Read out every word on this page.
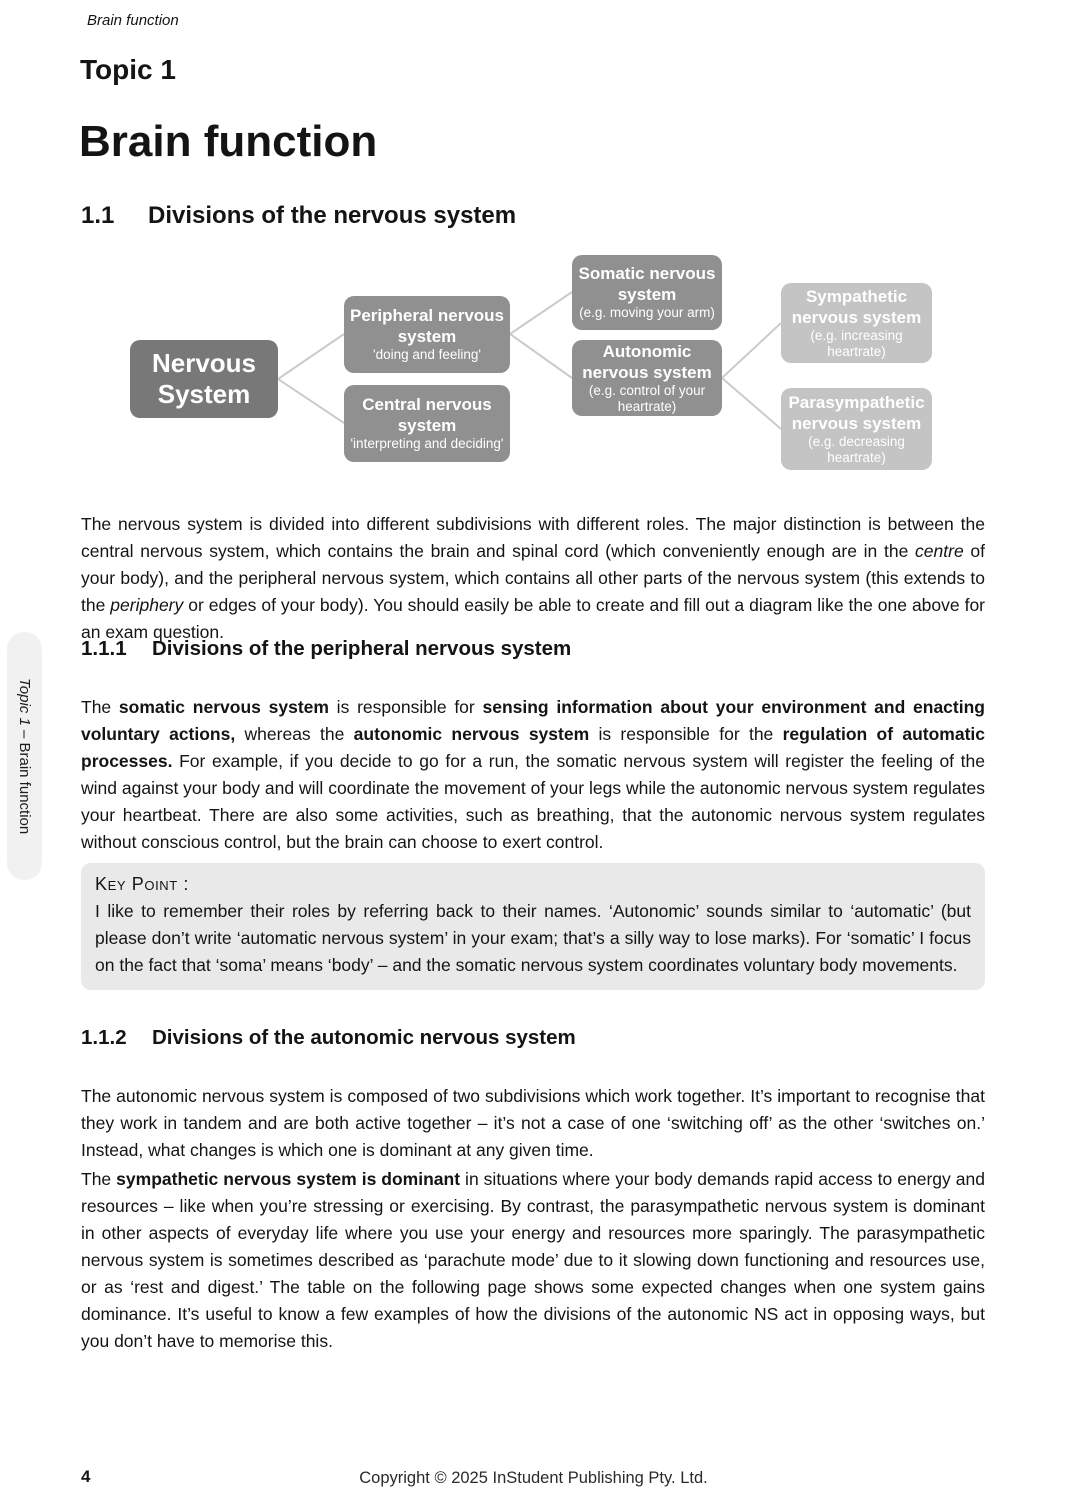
Brain function
Topic 1
Brain function
1.1 Divisions of the nervous system
Nervous System
Peripheral nervous system
'doing and feeling'
Central nervous system
'interpreting and deciding'
Somatic nervous system
(e.g. moving your arm)
Autonomic nervous system
(e.g. control of your heartrate)
Sympathetic nervous system
(e.g. increasing heartrate)
Parasympathetic nervous system
(e.g. decreasing heartrate)

The nervous system is divided into different subdivisions with different roles. The major distinction is between the central nervous system, which contains the brain and spinal cord (which conveniently enough are in the centre of your body), and the peripheral nervous system, which contains all other parts of the nervous system (this extends to the periphery or edges of your body). You should easily be able to create and fill out a diagram like the one above for an exam question.

1.1.1 Divisions of the peripheral nervous system

The somatic nervous system is responsible for sensing information about your environment and enacting voluntary actions, whereas the autonomic nervous system is responsible for the regulation of automatic processes. For example, if you decide to go for a run, the somatic nervous system will register the feeling of the wind against your body and will coordinate the movement of your legs while the autonomic nervous system regulates your heartbeat. There are also some activities, such as breathing, that the autonomic nervous system regulates without conscious control, but the brain can choose to exert control.

Key Point :
I like to remember their roles by referring back to their names. ‘Autonomic’ sounds similar to ‘automatic’ (but please don’t write ‘automatic nervous system’ in your exam; that’s a silly way to lose marks). For ‘somatic’ I focus on the fact that ‘soma’ means ‘body’ – and the somatic nervous system coordinates voluntary body movements.
1.1.2 Divisions of the autonomic nervous system

The autonomic nervous system is composed of two subdivisions which work together. It’s important to recognise that they work in tandem and are both active together – it’s not a case of one ‘switching off’ as the other ‘switches on.’ Instead, what changes is which one is dominant at any given time.

The sympathetic nervous system is dominant in situations where your body demands rapid access to energy and resources – like when you’re stressing or exercising. By contrast, the parasympathetic nervous system is dominant in other aspects of everyday life where you use your energy and resources more sparingly. The parasympathetic nervous system is sometimes described as ‘parachute mode’ due to it slowing down functioning and resources use, or as ‘rest and digest.’ The table on the following page shows some expected changes when one system gains dominance. It’s useful to know a few examples of how the divisions of the autonomic NS act in opposing ways, but you don’t have to memorise this.

Topic 1 – Brain function
4	Copyright © 2025 InStudent Publishing Pty. Ltd.
